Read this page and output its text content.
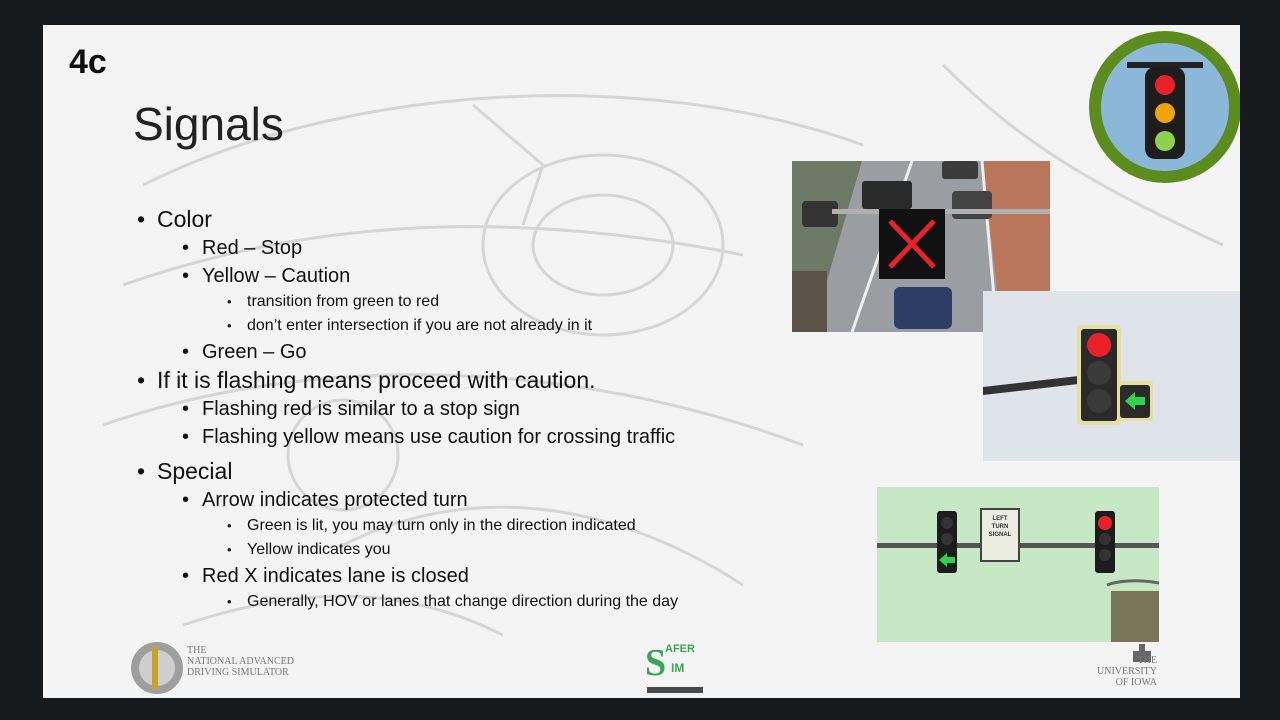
4c
Signals

• Color

• Red – Stop

• Yellow – Caution

• transition from green to red

• don’t enter intersection if you are not already in it

• Green – Go

• If it is flashing means proceed with caution.

• Flashing red is similar to a stop sign

• Flashing yellow means use caution for crossing traffic

• Special

• Arrow indicates protected turn

• Green is lit, you may turn only in the direction indicated

• Yellow indicates you

• Red X indicates lane is closed

• Generally, HOV or lanes that change direction during the day

LEFT
TURN
SIGNAL
THE
NATIONAL ADVANCED
DRIVING SIMULATOR	S
AFER
IM
THE
UNIVERSITY
OF IOWA
